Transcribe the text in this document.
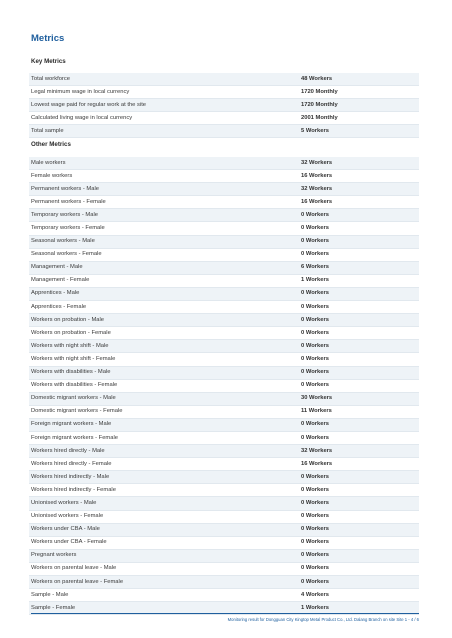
Metrics
Key Metrics
Total workforce	48 Workers
Legal minimum wage in local currency	1720 Monthly
Lowest wage paid for regular work at the site	1720 Monthly
Calculated living wage in local currency	2001 Monthly
Total sample	5 Workers
Other Metrics
Male workers	32 Workers
Female workers	16 Workers
Permanent workers - Male	32 Workers
Permanent workers - Female	16 Workers
Temporary workers - Male	0 Workers
Temporary workers - Female	0 Workers
Seasonal workers - Male	0 Workers
Seasonal workers - Female	0 Workers
Management - Male	6 Workers
Management - Female	1 Workers
Apprentices - Male	0 Workers
Apprentices - Female	0 Workers
Workers on probation - Male	0 Workers
Workers on probation - Female	0 Workers
Workers with night shift - Male	0 Workers
Workers with night shift - Female	0 Workers
Workers with disabilities - Male	0 Workers
Workers with disabilities - Female	0 Workers
Domestic migrant workers - Male	30 Workers
Domestic migrant workers - Female	11 Workers
Foreign migrant workers - Male	0 Workers
Foreign migrant workers - Female	0 Workers
Workers hired directly - Male	32 Workers
Workers hired directly - Female	16 Workers
Workers hired indirectly - Male	0 Workers
Workers hired indirectly - Female	0 Workers
Unionised workers - Male	0 Workers
Unionised workers - Female	0 Workers
Workers under CBA - Male	0 Workers
Workers under CBA - Female	0 Workers
Pregnant workers	0 Workers
Workers on parental leave - Male	0 Workers
Workers on parental leave - Female	0 Workers
Sample - Male	4 Workers
Sample - Female	1 Workers
Monitoring result for Dongguan City Kingtop Metal Product Co., Ltd. Dalang Branch on site Site 1 - 4 / 6
